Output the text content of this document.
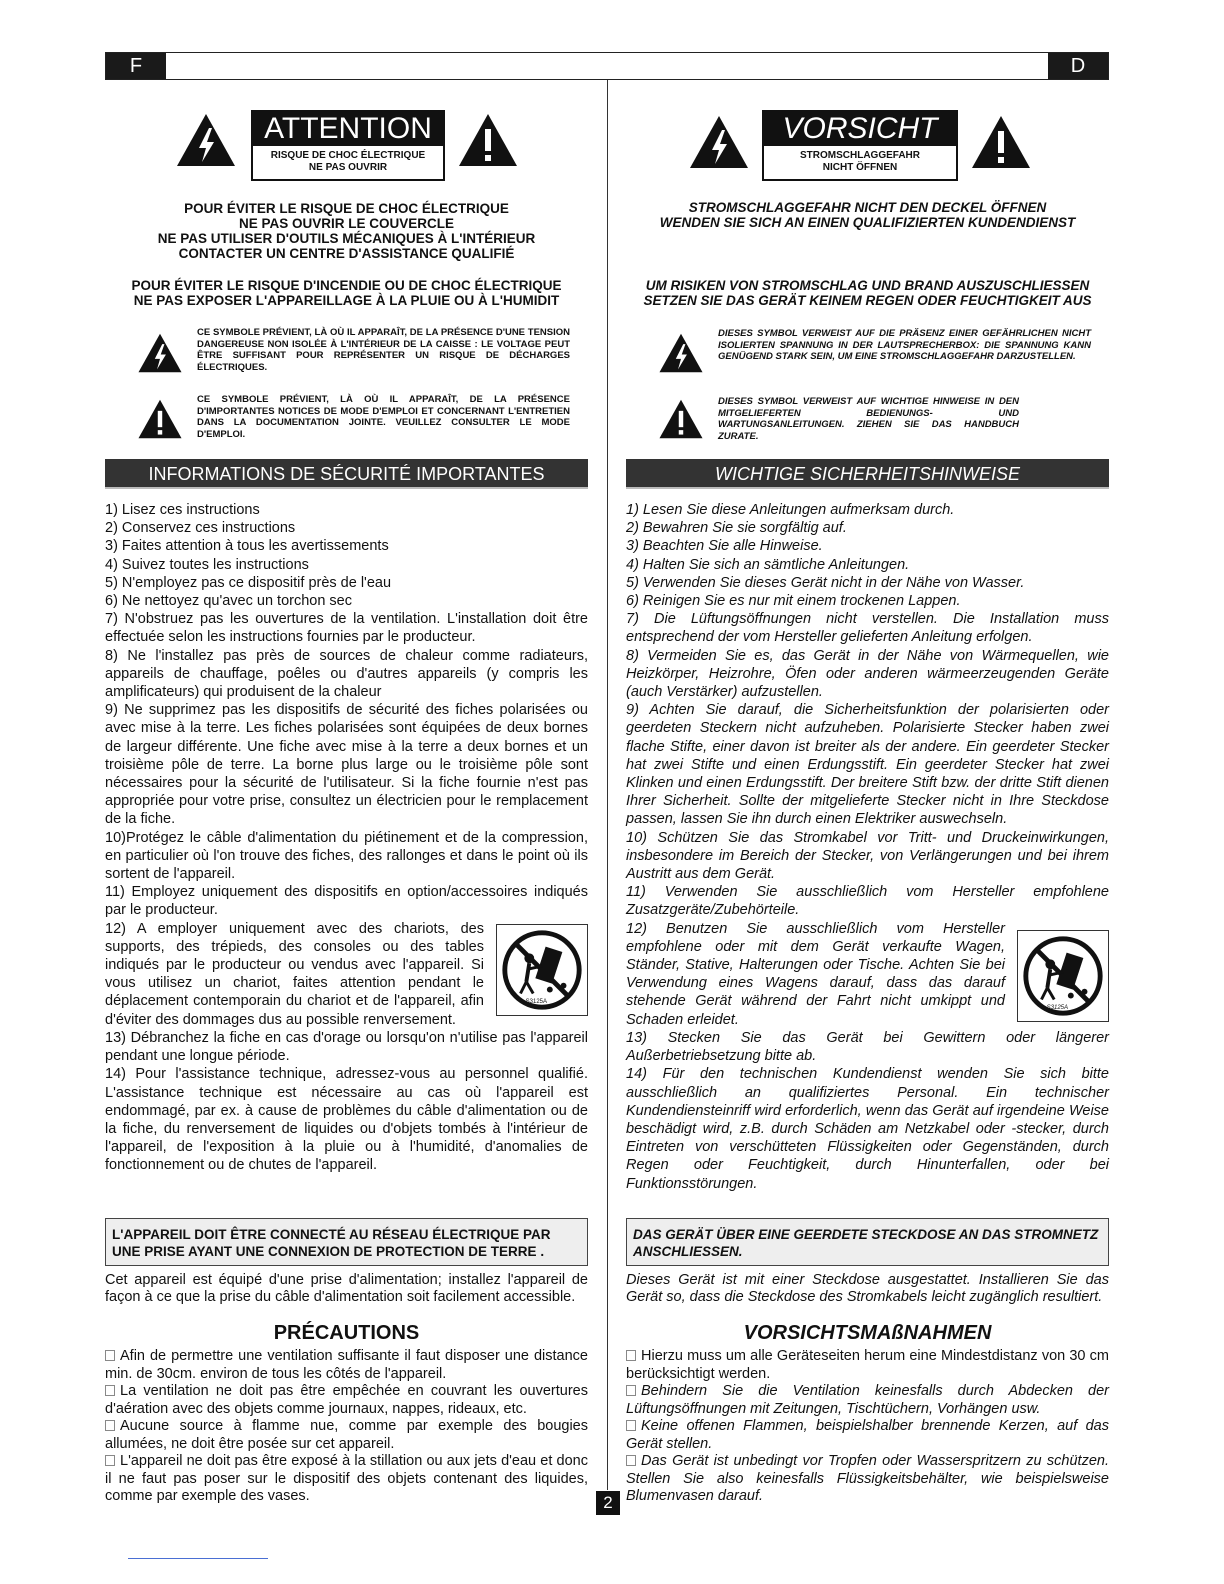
F	D
ATTENTION
RISQUE DE CHOC ÉLECTRIQUE
NE PAS OUVRIR
POUR ÉVITER LE RISQUE DE CHOC ÉLECTRIQUE
NE PAS OUVRIR LE COUVERCLE
NE PAS UTILISER D'OUTILS MÉCANIQUES À L'INTÉRIEUR
CONTACTER UN CENTRE D'ASSISTANCE QUALIFIÉ
POUR ÉVITER LE RISQUE D'INCENDIE OU DE CHOC ÉLECTRIQUE
NE PAS EXPOSER L'APPAREILLAGE À LA PLUIE OU À L'HUMIDIT
CE SYMBOLE PRÉVIENT, LÀ OÙ IL APPARAÎT, DE LA PRÉSENCE D'UNE TENSION DANGEREUSE NON ISOLÉE À L'INTÉRIEUR DE LA CAISSE : LE VOLTAGE PEUT ÊTRE SUFFISANT POUR REPRÉSENTER UN RISQUE DE DÉCHARGES ÉLECTRIQUES.
CE SYMBOLE PRÉVIENT, LÀ OÙ IL APPARAÎT, DE LA PRÉSENCE D'IMPORTANTES NOTICES DE MODE D'EMPLOI ET CONCERNANT L'ENTRETIEN DANS LA DOCUMENTATION JOINTE. VEUILLEZ CONSULTER LE MODE D'EMPLOI.
INFORMATIONS DE SÉCURITÉ IMPORTANTES

1) Lisez ces instructions

2) Conservez ces instructions

3) Faites attention à tous les avertissements

4) Suivez toutes les instructions

5) N'employez pas ce dispositif près de l'eau

6) Ne nettoyez qu'avec un torchon sec

7) N'obstruez pas les ouvertures de la ventilation. L'installation doit être effectuée selon les instructions fournies par le producteur.

8) Ne l'installez pas près de sources de chaleur comme radiateurs, appareils de chauffage, poêles ou d'autres appareils (y compris les amplificateurs) qui produisent de la chaleur

9) Ne supprimez pas les dispositifs de sécurité des fiches polarisées ou avec mise à la terre. Les fiches polarisées sont équipées de deux bornes de largeur différente. Une fiche avec mise à la terre a deux bornes et un troisième pôle de terre. La borne plus large ou le troisième pôle sont nécessaires pour la sécurité de l'utilisateur. Si la fiche fournie n'est pas appropriée pour votre prise, consultez un électricien pour le remplacement de la fiche.

10)Protégez le câble d'alimentation du piétinement et de la compression, en particulier où l'on trouve des fiches, des rallonges et dans le point où ils sortent de l'appareil.

11) Employez uniquement des dispositifs en option/accessoires indiqués par le producteur.

S3125A
12) A employer uniquement avec des chariots, des supports, des trépieds, des consoles ou des tables indiqués par le producteur ou vendus avec l'appareil. Si vous utilisez un chariot, faites attention pendant le déplacement contemporain du chariot et de l'appareil, afin d'éviter des dommages dus au possible renversement.

13) Débranchez la fiche en cas d'orage ou lorsqu'on n'utilise pas l'appareil pendant une longue période.

14) Pour l'assistance technique, adressez-vous au personnel qualifié. L'assistance technique est nécessaire au cas où l'appareil est endommagé, par ex. à cause de problèmes du câble d'alimentation ou de la fiche, du renversement de liquides ou d'objets tombés à l'intérieur de l'appareil, de l'exposition à la pluie ou à l'humidité, d'anomalies de fonctionnement ou de chutes de l'appareil.

L'APPAREIL DOIT ÊTRE CONNECTÉ AU RÉSEAU ÉLECTRIQUE PAR UNE PRISE AYANT UNE CONNEXION DE PROTECTION DE TERRE .
Cet appareil est équipé d'une prise d'alimentation; installez l'appareil de façon à ce que la prise du câble d'alimentation soit facilement accessible.
PRÉCAUTIONS

Afin de permettre une ventilation suffisante il faut disposer une distance min. de 30cm. environ de tous les côtés de l'appareil.

La ventilation ne doit pas être empêchée en couvrant les ouvertures d'aération avec des objets comme journaux, nappes, rideaux, etc.

Aucune source à flamme nue, comme par exemple des bougies allumées, ne doit être posée sur cet appareil.

L'appareil ne doit pas être exposé à la stillation ou aux jets d'eau et donc il ne faut pas poser sur le dispositif des objets contenant des liquides, comme par exemple des vases.

VORSICHT
STROMSCHLAGGEFAHR
NICHT ÖFFNEN
STROMSCHLAGGEFAHR NICHT DEN DECKEL ÖFFNEN
WENDEN SIE SICH AN EINEN QUALIFIZIERTEN KUNDENDIENST
UM RISIKEN VON STROMSCHLAG UND BRAND AUSZUSCHLIESSEN
SETZEN SIE DAS GERÄT KEINEM REGEN ODER FEUCHTIGKEIT AUS
DIESES SYMBOL VERWEIST AUF DIE PRÄSENZ EINER GEFÄHRLICHEN NICHT ISOLIERTEN SPANNUNG IN DER LAUTSPRECHERBOX: DIE SPANNUNG KANN GENÜGEND STARK SEIN, UM EINE STROMSCHLAGGEFAHR DARZUSTELLEN.
DIESES SYMBOL VERWEIST AUF WICHTIGE HINWEISE IN DEN MITGELIEFERTEN BEDIENUNGS- UND WARTUNGSANLEITUNGEN. ZIEHEN SIE DAS HANDBUCH ZURATE.
WICHTIGE SICHERHEITSHINWEISE

1) Lesen Sie diese Anleitungen aufmerksam durch.

2) Bewahren Sie sie sorgfältig auf.

3) Beachten Sie alle Hinweise.

4) Halten Sie sich an sämtliche Anleitungen.

5) Verwenden Sie dieses Gerät nicht in der Nähe von Wasser.

6) Reinigen Sie es nur mit einem trockenen Lappen.

7) Die Lüftungsöffnungen nicht verstellen. Die Installation muss entsprechend der vom Hersteller gelieferten Anleitung erfolgen.

8) Vermeiden Sie es, das Gerät in der Nähe von Wärmequellen, wie Heizkörper, Heizrohre, Öfen oder anderen wärmeerzeugenden Geräte (auch Verstärker) aufzustellen.

9) Achten Sie darauf, die Sicherheitsfunktion der polarisierten oder geerdeten Steckern nicht aufzuheben. Polarisierte Stecker haben zwei flache Stifte, einer davon ist breiter als der andere. Ein geerdeter Stecker hat zwei Stifte und einen Erdungsstift. Ein geerdeter Stecker hat zwei Klinken und einen Erdungsstift. Der breitere Stift bzw. der dritte Stift dienen Ihrer Sicherheit. Sollte der mitgelieferte Stecker nicht in Ihre Steckdose passen, lassen Sie ihn durch einen Elektriker auswechseln.

10) Schützen Sie das Stromkabel vor Tritt- und Druckeinwirkungen, insbesondere im Bereich der Stecker, von Verlängerungen und bei ihrem Austritt aus dem Gerät.

11) Verwenden Sie ausschließlich vom Hersteller empfohlene Zusatzgeräte/Zubehörteile.

S3125A
12) Benutzen Sie ausschließlich vom Hersteller empfohlene oder mit dem Gerät verkaufte Wagen, Ständer, Stative, Halterungen oder Tische. Achten Sie bei Verwendung eines Wagens darauf, dass das darauf stehende Gerät während der Fahrt nicht umkippt und Schaden erleidet.

13) Stecken Sie das Gerät bei Gewittern oder längerer Außerbetriebsetzung bitte ab.

14) Für den technischen Kundendienst wenden Sie sich bitte ausschließlich an qualifiziertes Personal. Ein technischer Kundendiensteinriff wird erforderlich, wenn das Gerät auf irgendeine Weise beschädigt wird, z.B. durch Schäden am Netzkabel oder -stecker, durch Eintreten von verschütteten Flüssigkeiten oder Gegenständen, durch Regen oder Feuchtigkeit, durch Hinunterfallen, oder bei Funktionsstörungen.

DAS GERÄT ÜBER EINE GEERDETE STECKDOSE AN DAS STROMNETZ ANSCHLIESSEN.
Dieses Gerät ist mit einer Steckdose ausgestattet. Installieren Sie das Gerät so, dass die Steckdose des Stromkabels leicht zugänglich resultiert.
VORSICHTSMAßNAHMEN

Hierzu muss um alle Geräteseiten herum eine Mindestdistanz von 30 cm berücksichtigt werden.

Behindern Sie die Ventilation keinesfalls durch Abdecken der Lüftungsöffnungen mit Zeitungen, Tischtüchern, Vorhängen usw.

Keine offenen Flammen, beispielshalber brennende Kerzen, auf das Gerät stellen.

Das Gerät ist unbedingt vor Tropfen oder Wasserspritzern zu schützen. Stellen Sie also keinesfalls Flüssigkeitsbehälter, wie beispielsweise Blumenvasen darauf.

2
